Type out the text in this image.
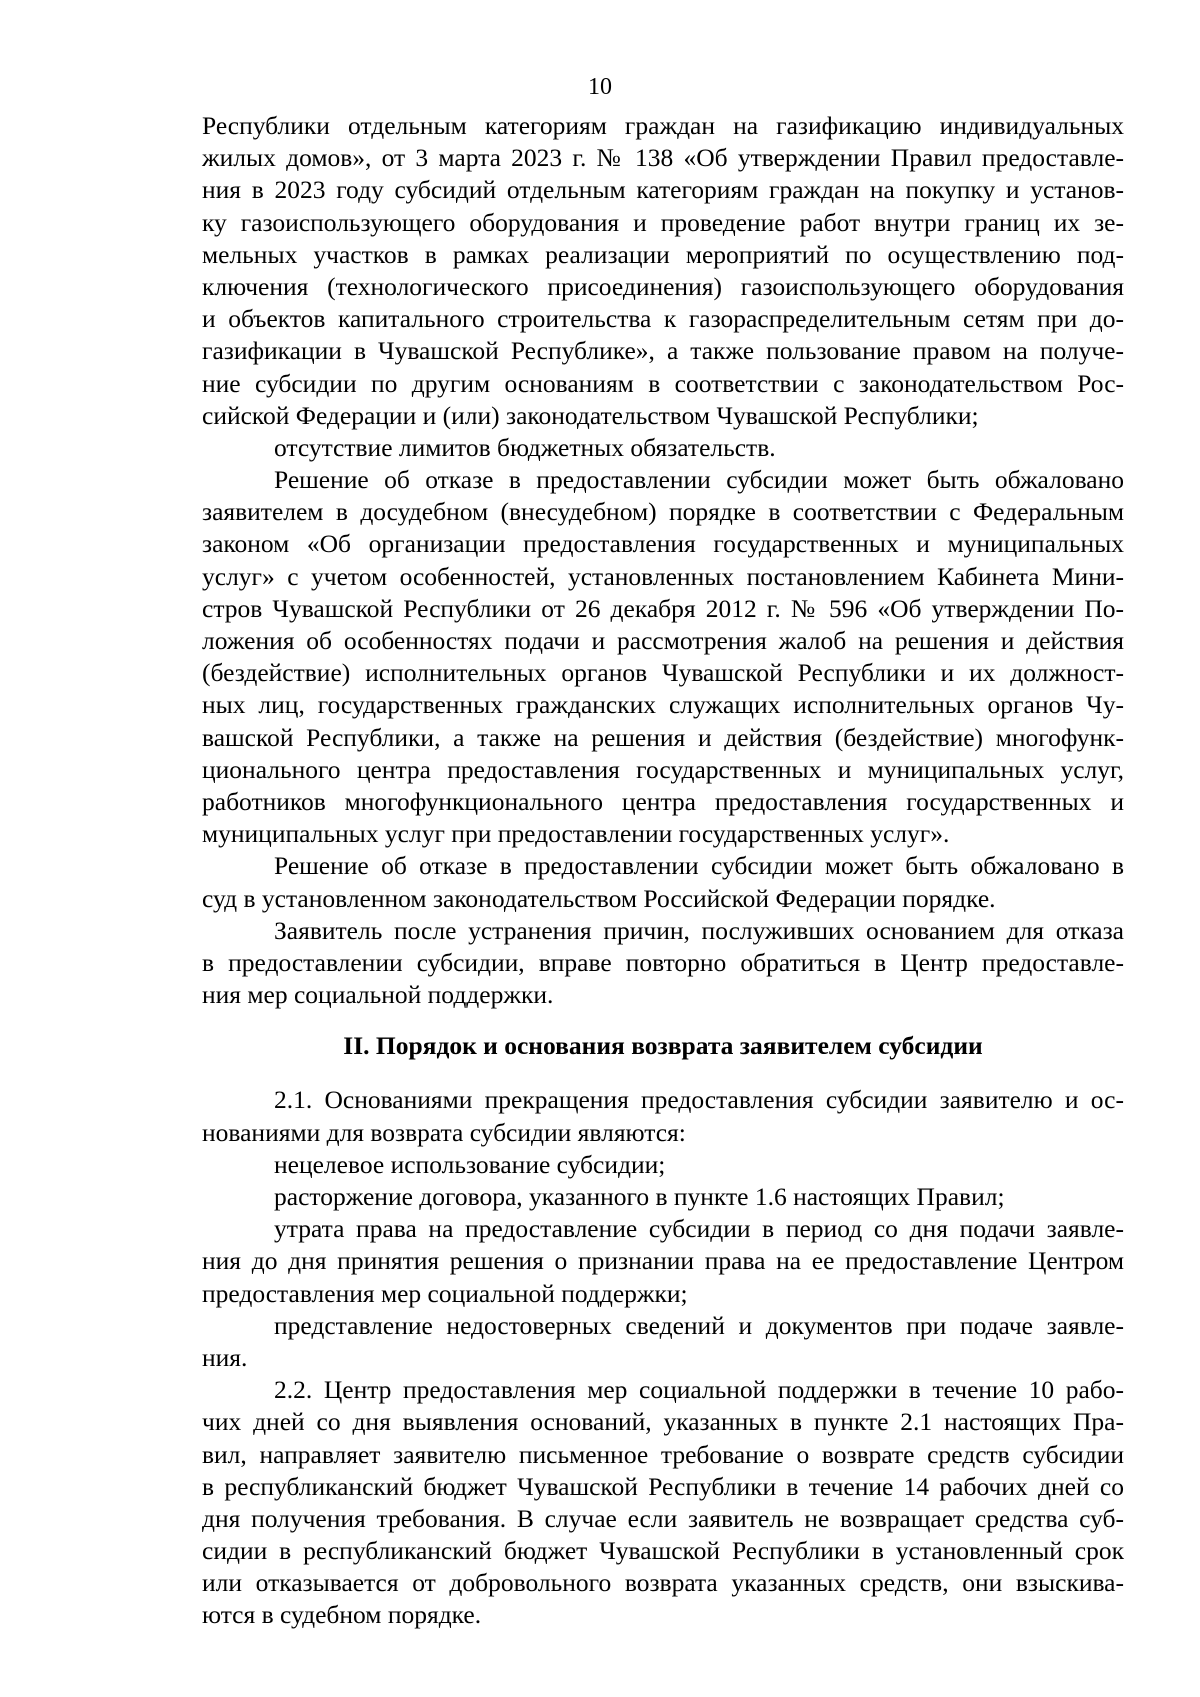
10
Республики отдельным категориям граждан на газификацию индивидуальных
жилых домов», от 3 марта 2023 г. № 138 «Об утверждении Правил предоставле-
ния в 2023 году субсидий отдельным категориям граждан на покупку и установ-
ку газоиспользующего оборудования и проведение работ внутри границ их зе-
мельных участков в рамках реализации мероприятий по осуществлению под-
ключения (технологического присоединения) газоиспользующего оборудования
и объектов капитального строительства к газораспределительным сетям при до-
газификации в Чувашской Республике», а также пользование правом на получе-
ние субсидии по другим основаниям в соответствии с законодательством Рос-
сийской Федерации и (или) законодательством Чувашской Республики;
отсутствие лимитов бюджетных обязательств.
Решение об отказе в предоставлении субсидии может быть обжаловано
заявителем в досудебном (внесудебном) порядке в соответствии с Федеральным
законом «Об организации предоставления государственных и муниципальных
услуг» с учетом особенностей, установленных постановлением Кабинета Мини-
стров Чувашской Республики от 26 декабря 2012 г. № 596 «Об утверждении По-
ложения об особенностях подачи и рассмотрения жалоб на решения и действия
(бездействие) исполнительных органов Чувашской Республики и их должност-
ных лиц, государственных гражданских служащих исполнительных органов Чу-
вашской Республики, а также на решения и действия (бездействие) многофунк-
ционального центра предоставления государственных и муниципальных услуг,
работников многофункционального центра предоставления государственных и
муниципальных услуг при предоставлении государственных услуг».
Решение об отказе в предоставлении субсидии может быть обжаловано в
суд в установленном законодательством Российской Федерации порядке.
Заявитель после устранения причин, послуживших основанием для отказа
в предоставлении субсидии, вправе повторно обратиться в Центр предоставле-
ния мер социальной поддержки.
II. Порядок и основания возврата заявителем субсидии
2.1. Основаниями прекращения предоставления субсидии заявителю и ос-
нованиями для возврата субсидии являются:
нецелевое использование субсидии;
расторжение договора, указанного в пункте 1.6 настоящих Правил;
утрата права на предоставление субсидии в период со дня подачи заявле-
ния до дня принятия решения о признании права на ее предоставление Центром
предоставления мер социальной поддержки;
представление недостоверных сведений и документов при подаче заявле-
ния.
2.2. Центр предоставления мер социальной поддержки в течение 10 рабо-
чих дней со дня выявления оснований, указанных в пункте 2.1 настоящих Пра-
вил, направляет заявителю письменное требование о возврате средств субсидии
в республиканский бюджет Чувашской Республики в течение 14 рабочих дней со
дня получения требования. В случае если заявитель не возвращает средства суб-
сидии в республиканский бюджет Чувашской Республики в установленный срок
или отказывается от добровольного возврата указанных средств, они взыскива-
ются в судебном порядке.
